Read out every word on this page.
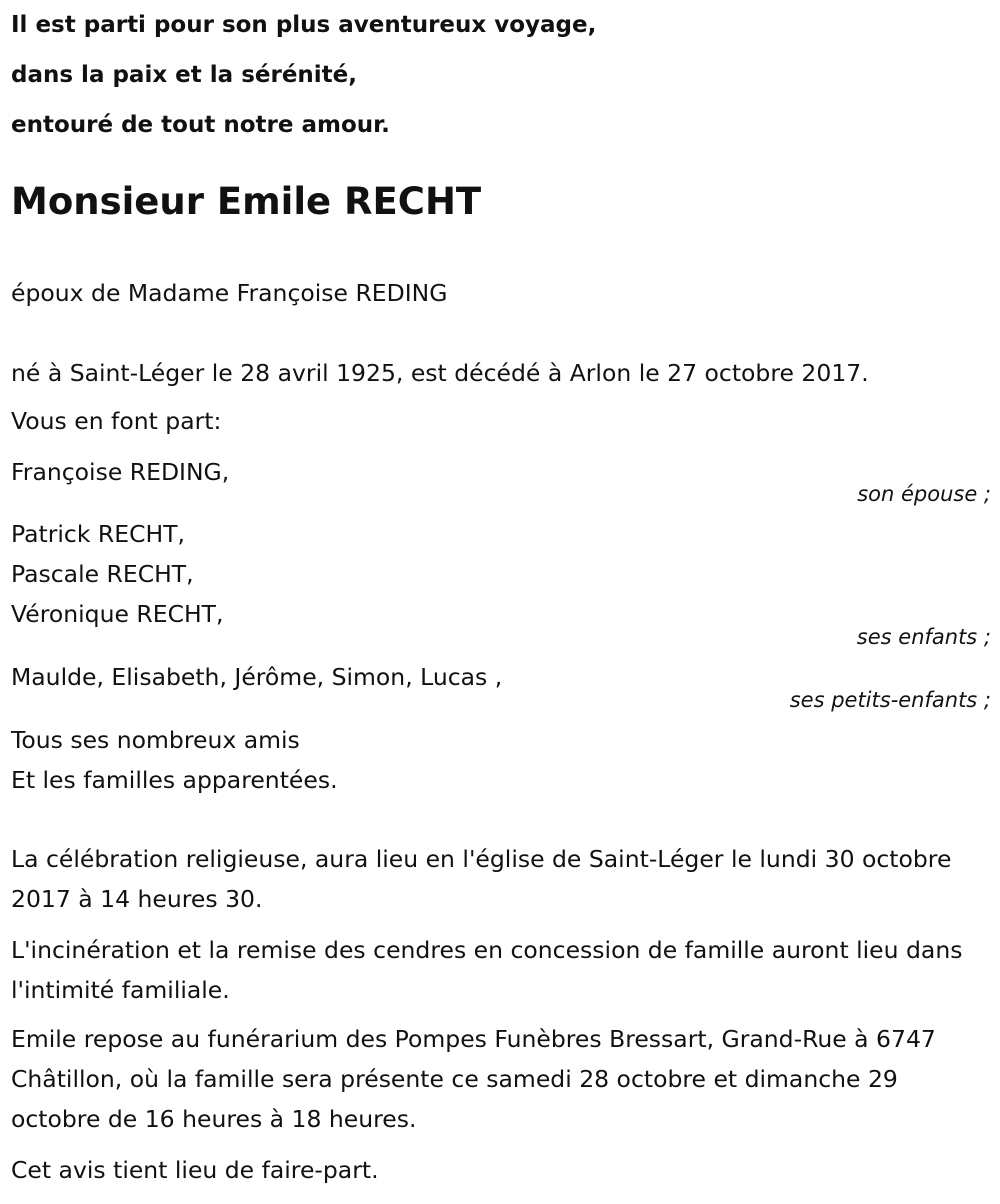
Il est parti pour son plus aventureux voyage,
dans la paix et la sérénité,
entouré de tout notre amour.
Monsieur Emile RECHT
époux de Madame Françoise REDING
né à Saint-Léger le 28 avril 1925, est décédé à Arlon le 27 octobre 2017.
Vous en font part:
Françoise REDING,
son épouse ;
Patrick RECHT,
Pascale RECHT,
Véronique RECHT,
ses enfants ;
Maulde, Elisabeth, Jérôme, Simon, Lucas ,
ses petits-enfants ;
Tous ses nombreux amis
Et les familles apparentées.
La célébration religieuse, aura lieu en l'église de Saint-Léger le lundi 30 octobre 2017 à 14 heures 30.
L'incinération et la remise des cendres en concession de famille auront lieu dans l'intimité familiale.
Emile repose au funérarium des Pompes Funèbres Bressart, Grand-Rue à 6747 Châtillon, où la famille sera présente ce samedi 28 octobre et dimanche 29 octobre de 16 heures à 18 heures.
Cet avis tient lieu de faire-part.
